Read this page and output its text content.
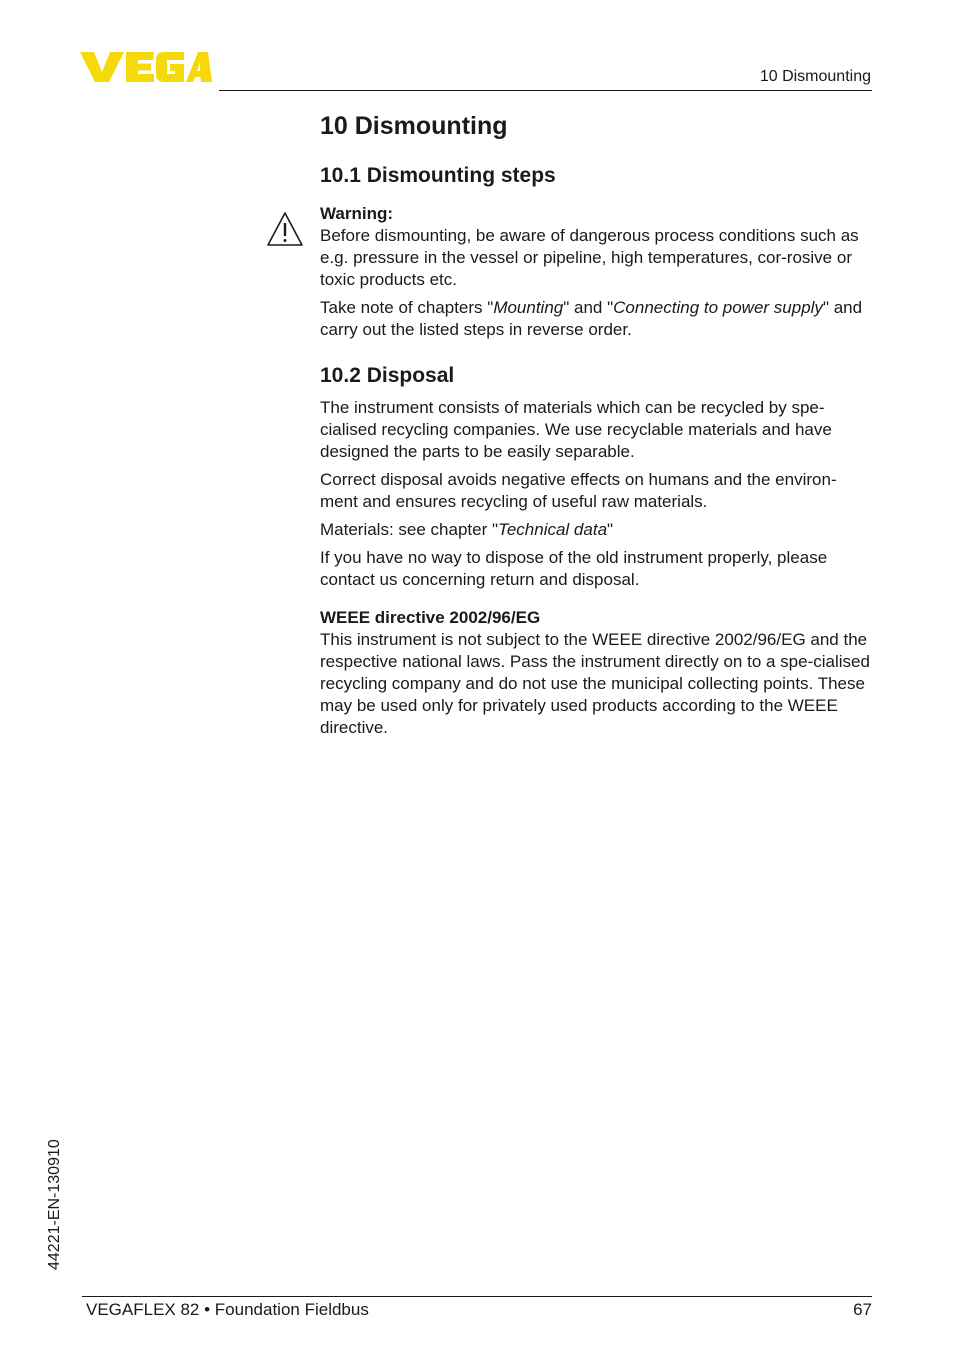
10 Dismounting
10 Dismounting
10.1 Dismounting steps

Warning:

Before dismounting, be aware of dangerous process conditions such as e.g. pressure in the vessel or pipeline, high temperatures, cor-rosive or toxic products etc.

Take note of chapters "Mounting" and "Connecting to power supply" and carry out the listed steps in reverse order.

10.2 Disposal

The instrument consists of materials which can be recycled by spe-cialised recycling companies. We use recyclable materials and have designed the parts to be easily separable.

Correct disposal avoids negative effects on humans and the environ-ment and ensures recycling of useful raw materials.

Materials: see chapter "Technical data"

If you have no way to dispose of the old instrument properly, please contact us concerning return and disposal.

WEEE directive 2002/96/EG

This instrument is not subject to the WEEE directive 2002/96/EG and the respective national laws. Pass the instrument directly on to a spe-cialised recycling company and do not use the municipal collecting points. These may be used only for privately used products according to the WEEE directive.

44221-EN-130910
VEGAFLEX 82 • Foundation Fieldbus	67
